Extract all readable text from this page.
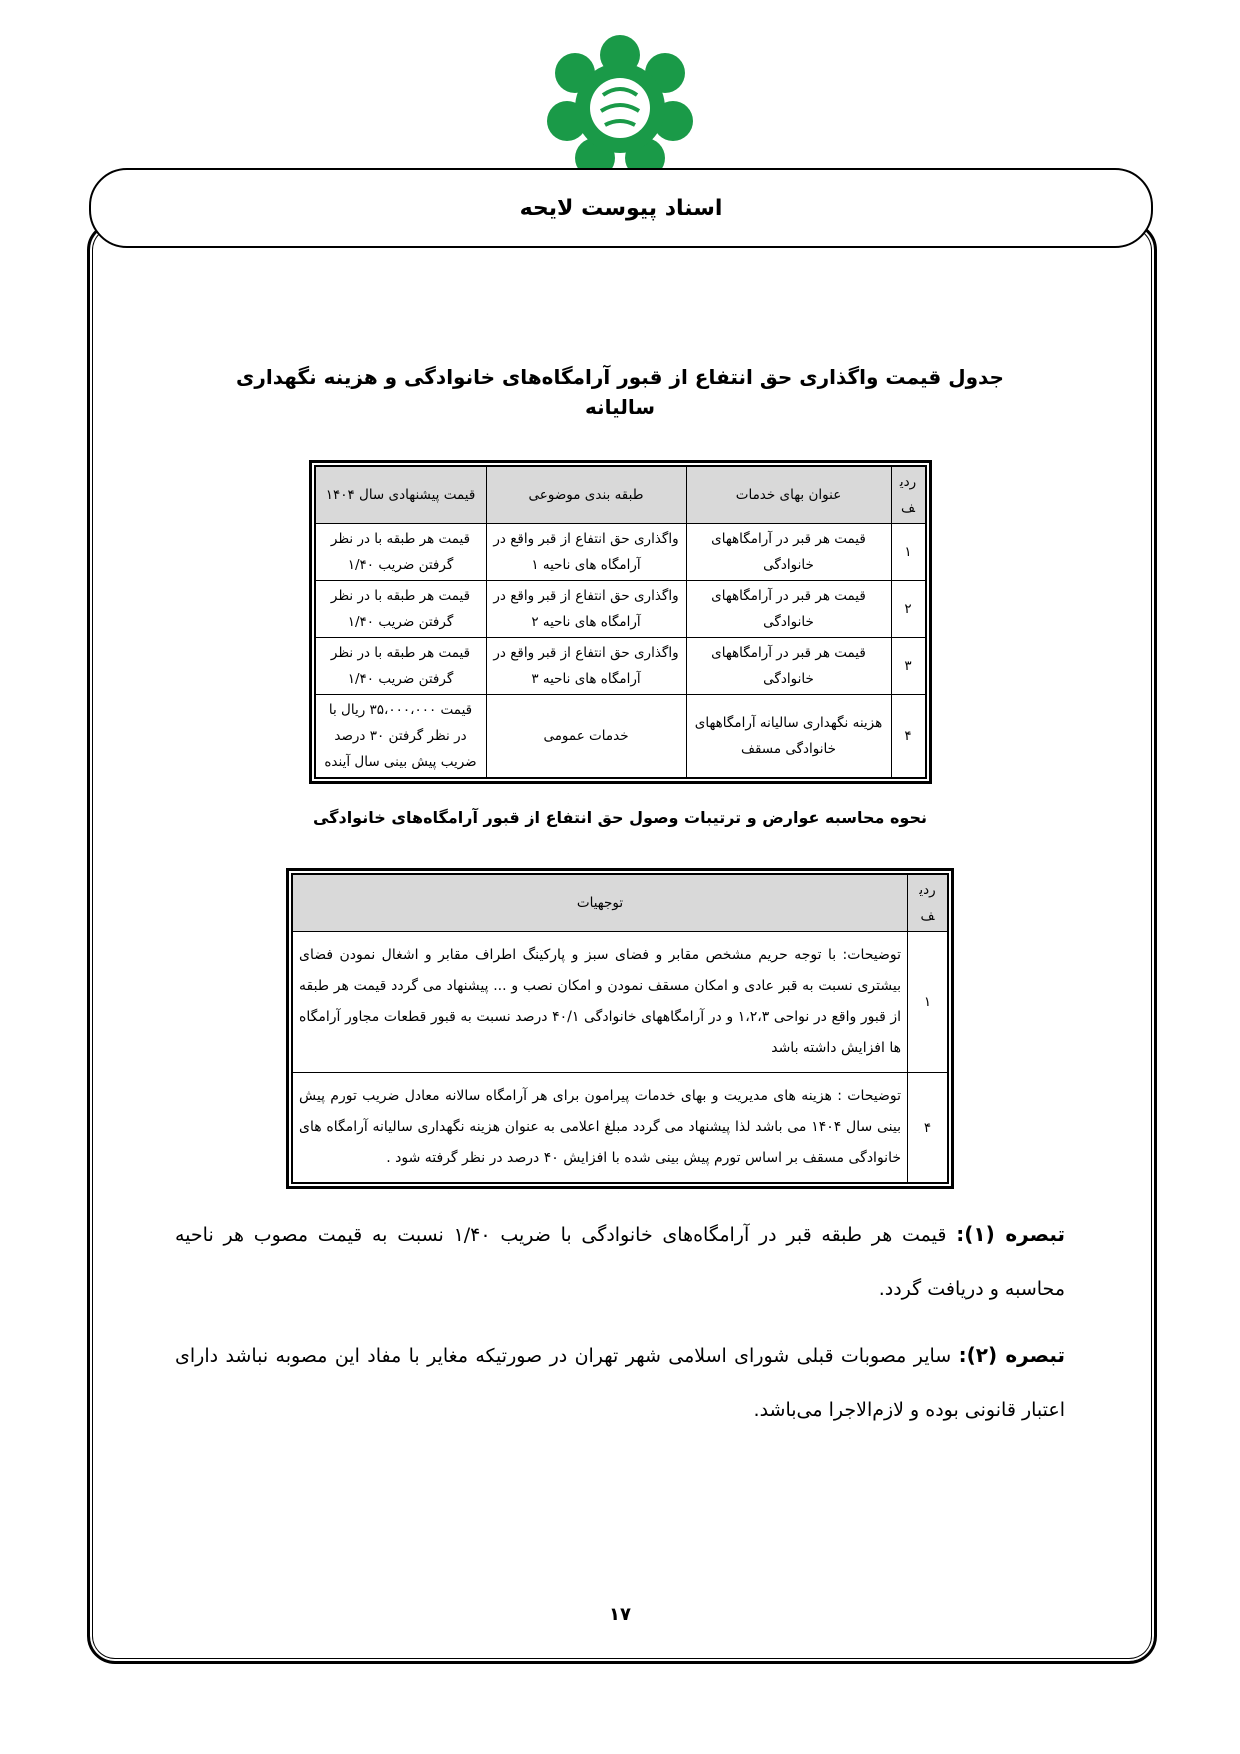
اسناد پیوست لایحه
جدول قیمت واگذاری حق انتفاع از قبور آرامگاه‌های خانوادگی و هزینه نگهداری سالیانه
ردیف	عنوان بهای خدمات	طبقه بندی موضوعی	قیمت پیشنهادی سال ۱۴۰۴
۱	قیمت هر قبر در آرامگاههای خانوادگی	واگذاری حق انتفاع از قبر واقع در آرامگاه های ناحیه ۱	قیمت هر طبقه با در نظر گرفتن ضریب ۱/۴۰
۲	قیمت هر قبر در آرامگاههای خانوادگی	واگذاری حق انتفاع از قبر واقع در آرامگاه های ناحیه ۲	قیمت هر طبقه با در نظر گرفتن ضریب ۱/۴۰
۳	قیمت هر قبر در آرامگاههای خانوادگی	واگذاری حق انتفاع از قبر واقع در آرامگاه های ناحیه ۳	قیمت هر طبقه با در نظر گرفتن ضریب ۱/۴۰
۴	هزینه نگهداری سالیانه آرامگاههای خانوادگی مسقف	خدمات عمومی	قیمت ۳۵،۰۰۰،۰۰۰ ریال با در نظر گرفتن ۳۰ درصد ضریب پیش بینی سال آینده
نحوه محاسبه عوارض و ترتیبات وصول حق انتفاع از قبور آرامگاه‌های خانوادگی
ردیف	توجهیات
۱	توضیحات: با توجه حریم مشخص مقابر و فضای سبز و پارکینگ اطراف مقابر و اشغال نمودن فضای بیشتری نسبت به قبر عادی و امکان مسقف نمودن و امکان نصب و ... پیشنهاد می گردد قیمت هر طبقه از قبور واقع در نواحی ۱،۲،۳ و در آرامگاههای خانوادگی ۴۰/۱ درصد نسبت به قبور قطعات مجاور آرامگاه ها افزایش داشته باشد
۴	توضیحات : هزینه های مدیریت و بهای خدمات پیرامون برای هر آرامگاه سالانه معادل ضریب تورم پیش بینی سال ۱۴۰۴ می باشد لذا پیشنهاد می گردد مبلغ اعلامی به عنوان هزینه نگهداری سالیانه آرامگاه های خانوادگی مسقف بر اساس تورم پیش بینی شده با افزایش ۴۰ درصد در نظر گرفته شود .
تبصره (۱): قیمت هر طبقه قبر در آرامگاه‌های خانوادگی با ضریب ۱/۴۰ نسبت به قیمت مصوب هر ناحیه محاسبه و دریافت گردد.
تبصره (۲): سایر مصوبات قبلی شورای اسلامی شهر تهران در صورتیکه مغایر با مفاد این مصوبه نباشد دارای اعتبار قانونی بوده و لازم‌الاجرا می‌باشد.
۱۷
